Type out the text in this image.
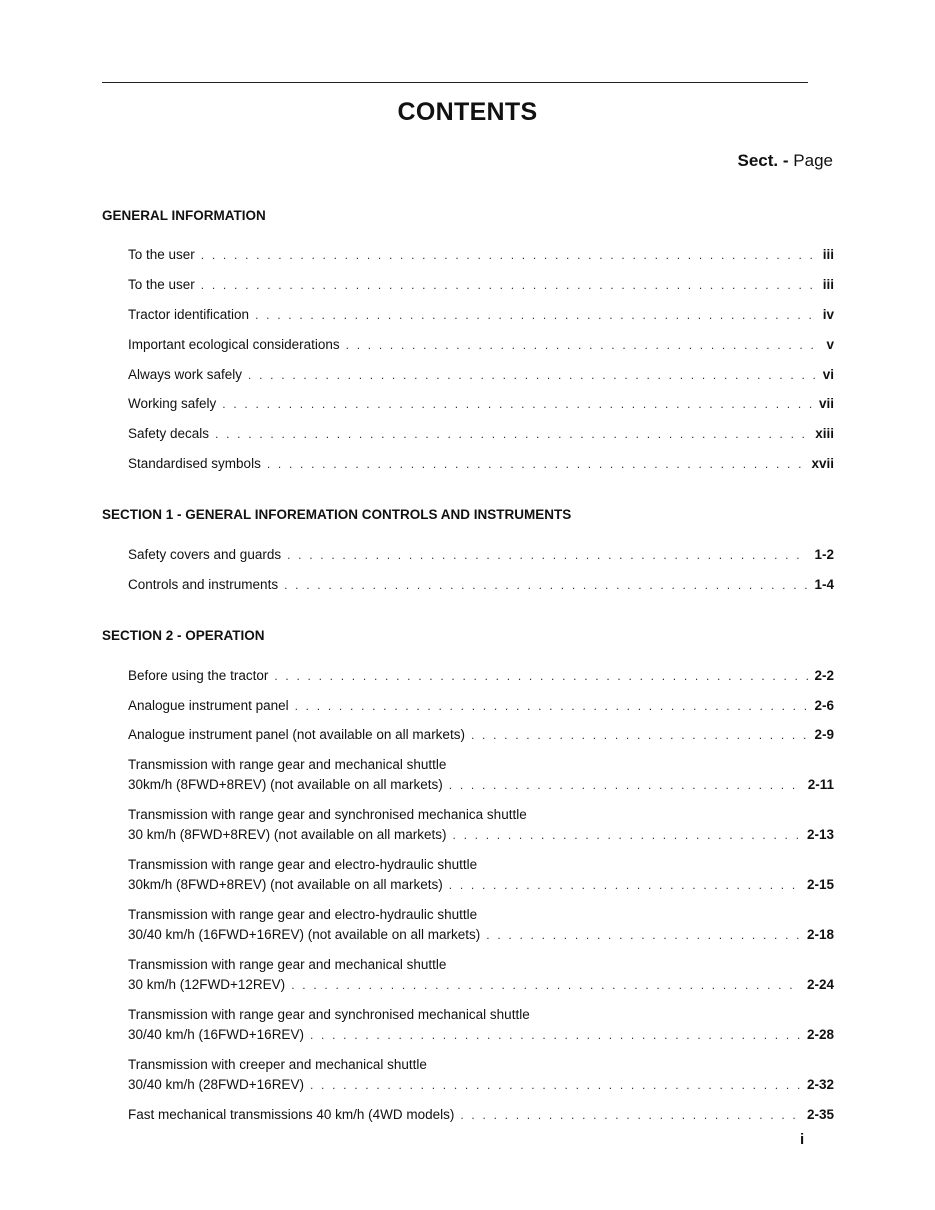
CONTENTS
Sect. - Page
GENERAL INFORMATION
To the user . . .	iii
To the user . . .	iii
Tractor identification . . .	iv
Important ecological considerations . . .	v
Always work safely . . .	vi
Working safely . . .	vii
Safety decals . . .	xiii
Standardised symbols . . .	xvii
SECTION 1 - GENERAL INFOREMATION CONTROLS AND INSTRUMENTS
Safety covers and guards . . .	1-2
Controls and instruments . . .	1-4
SECTION 2 - OPERATION
Before using the tractor . . .	2-2
Analogue instrument panel . . .	2-6
Analogue instrument panel (not available on all markets) . . .	2-9
Transmission with range gear and mechanical shuttle
30km/h (8FWD+8REV) (not available on all markets) . . .	2-11
Transmission with range gear and synchronised mechanica shuttle
30 km/h (8FWD+8REV) (not available on all markets) . . .	2-13
Transmission with range gear and electro-hydraulic shuttle
30km/h (8FWD+8REV) (not available on all markets) . . .	2-15
Transmission with range gear and electro-hydraulic shuttle
30/40 km/h (16FWD+16REV) (not available on all markets) . . .	2-18
Transmission with range gear and mechanical shuttle
30 km/h (12FWD+12REV) . . .	2-24
Transmission with range gear and synchronised mechanical shuttle
30/40 km/h (16FWD+16REV) . . .	2-28
Transmission with creeper and mechanical shuttle
30/40 km/h (28FWD+16REV) . . .	2-32
Fast mechanical transmissions 40 km/h (4WD models) . . .	2-35
i
